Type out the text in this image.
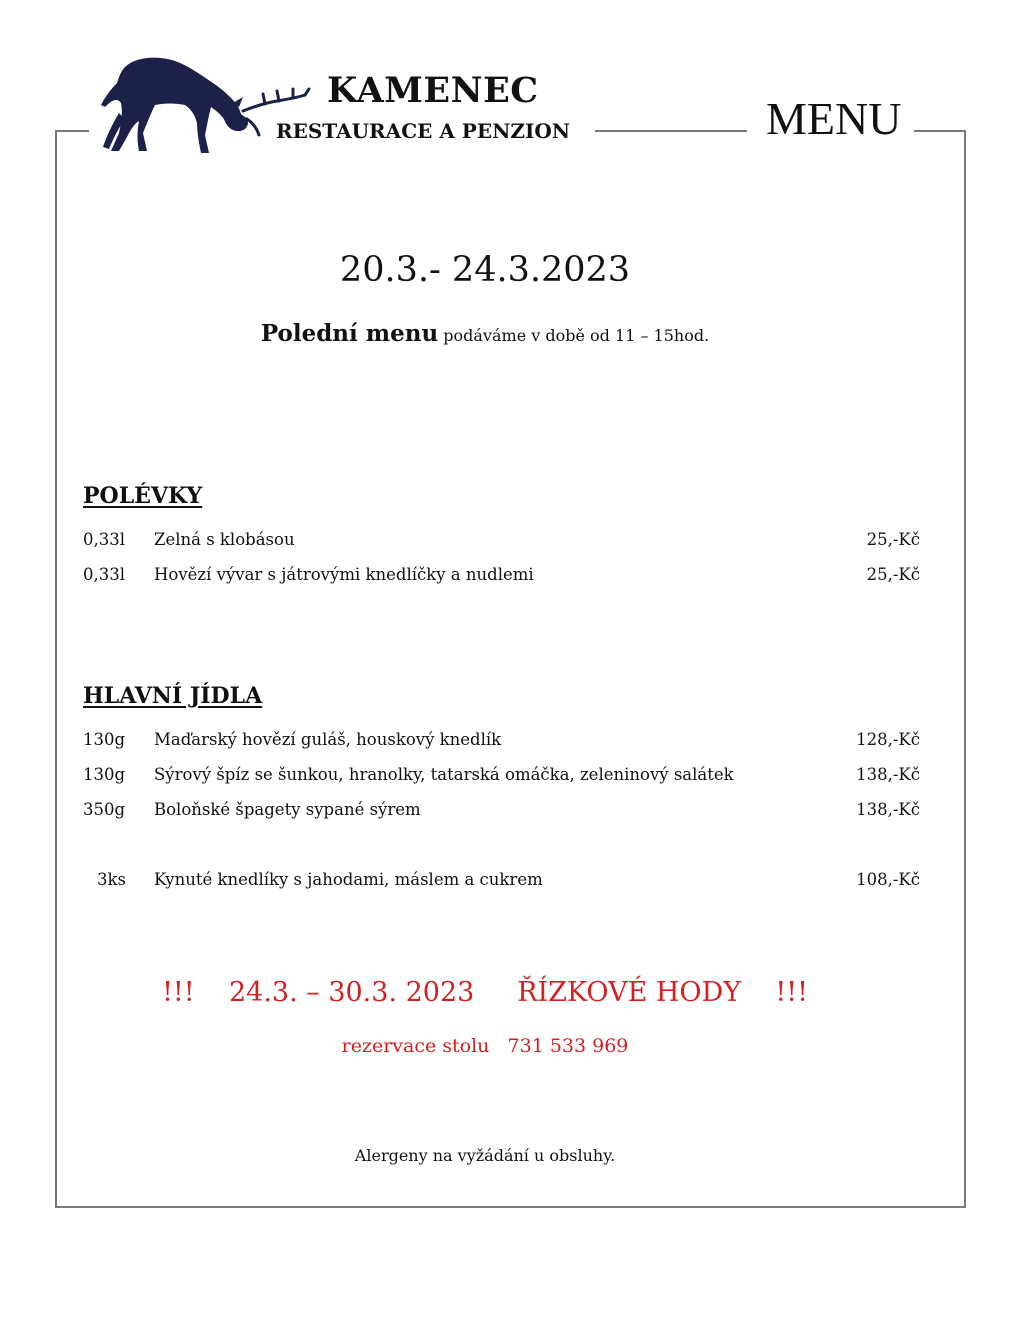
KAMENEC
RESTAURACE A PENZION	MENU
20.3.- 24.3.2023
Polední menu podáváme v době od 11 – 15hod.
POLÉVKY
0,33l Zelná s klobásou	25,-Kč
0,33l Hovězí vývar s játrovými knedlíčky a nudlemi	25,-Kč
HLAVNÍ JÍDLA
130g Maďarský hovězí guláš, houskový knedlík	128,-Kč
130g Sýrový špíz se šunkou, hranolky, tatarská omáčka, zeleninový salátek	138,-Kč
350g Boloňské špagety sypané sýrem	138,-Kč
3ks Kynuté knedlíky s jahodami, máslem a cukrem	108,-Kč
!!!    24.3. – 30.3. 2023     ŘÍZKOVÉ HODY    !!!
rezervace stolu   731 533 969
Alergeny na vyžádání u obsluhy.
